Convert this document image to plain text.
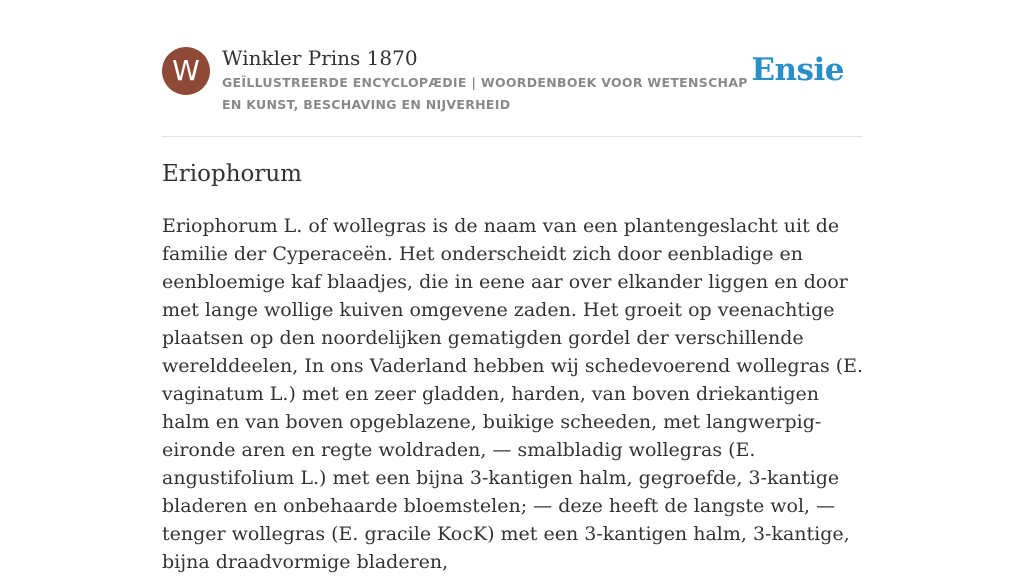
W	Winkler Prins 1870
GEÏLLUSTREERDE ENCYCLOPÆDIE | WOORDENBOEK VOOR WETENSCHAP EN KUNST, BESCHAVING EN NIJVERHEID
Ensie
Eriophorum

Eriophorum L. of wollegras is de naam van een plantengeslacht uit de familie der Cyperaceën. Het onderscheidt zich door eenbladige en eenbloemige kaf blaadjes, die in eene aar over elkander liggen en door met lange wollige kuiven omgevene zaden. Het groeit op veenachtige plaatsen op den noordelijken gematigden gordel der verschillende werelddeelen, In ons Vaderland hebben wij schedevoerend wollegras (E. vaginatum L.) met en zeer gladden, harden, van boven driekantigen halm en van boven opgeblazene, buikige scheeden, met langwerpig-eironde aren en regte woldraden, — smalbladig wollegras (E. angustifolium L.) met een bijna 3-kantigen halm, gegroefde, 3-kantige bladeren en onbehaarde bloemstelen; — deze heeft de langste wol, — tenger wollegras (E. gracile KocK) met een 3-kantigen halm, 3-kantige, bijna draadvormige bladeren,
